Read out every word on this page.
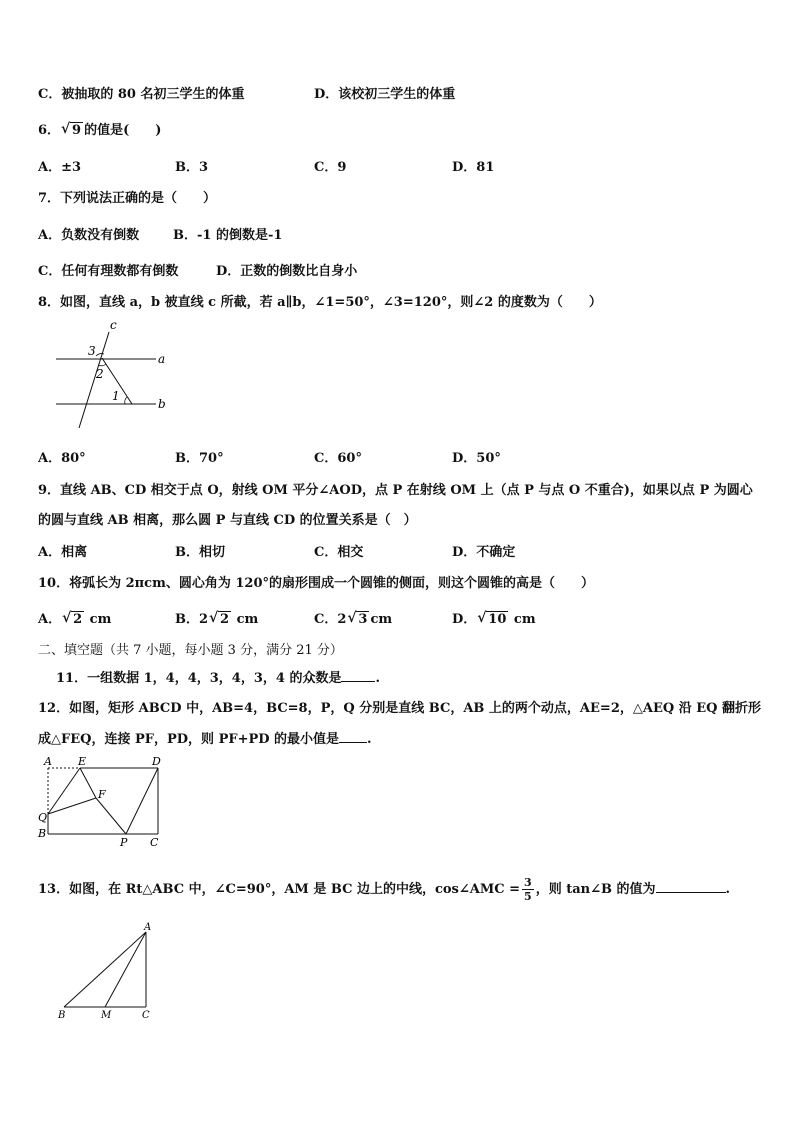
C．被抽取的 80 名初三学生的体重	D．该校初三学生的体重
6． √ 9 的值是(　　)
A．±3	B．3	C．9	D．81
7．下列说法正确的是（　　）
A．负数没有倒数	B．-1 的倒数是-1
C．任何有理数都有倒数	D．正数的倒数比自身小
8．如图，直线 a，b 被直线 c 所截，若 a∥b，∠1=50°，∠3=120°，则∠2 的度数为（　　）
c
a
b
3
2
1
A．80°	B．70°	C．60°	D．50°
9．直线 AB、CD 相交于点 O，射线 OM 平分∠AOD，点 P 在射线 OM 上（点 P 与点 O 不重合)，如果以点 P 为圆心
的圆与直线 AB 相离，那么圆 P 与直线 CD 的位置关系是（　）
A．相离	B．相切	C．相交	D．不确定
10．将弧长为 2πcm、圆心角为 120°的扇形围成一个圆锥的侧面，则这个圆锥的高是（　　）
A． √ 2 cm	B．2 √ 2 cm	C．2 √ 3 cm	D． √ 10 cm
二、填空题（共 7 小题，每小题 3 分，满分 21 分）
11．一组数据 1，4，4，3，4，3，4 的众数是	.
12．如图，矩形 ABCD 中，AB=4，BC=8，P，Q 分别是直线 BC，AB 上的两个动点，AE=2，△AEQ 沿 EQ 翻折形
成△FEQ，连接 PF，PD，则 PF+PD 的最小值是 .
A E	D
F
Q
B
P C
13．如图，在 Rt△ABC 中，∠C=90°，AM 是 BC 边上的中线，cos∠AMC = $\frac{3}{5}$ ，则 tan∠B 的值为	.
A
B	M	C
